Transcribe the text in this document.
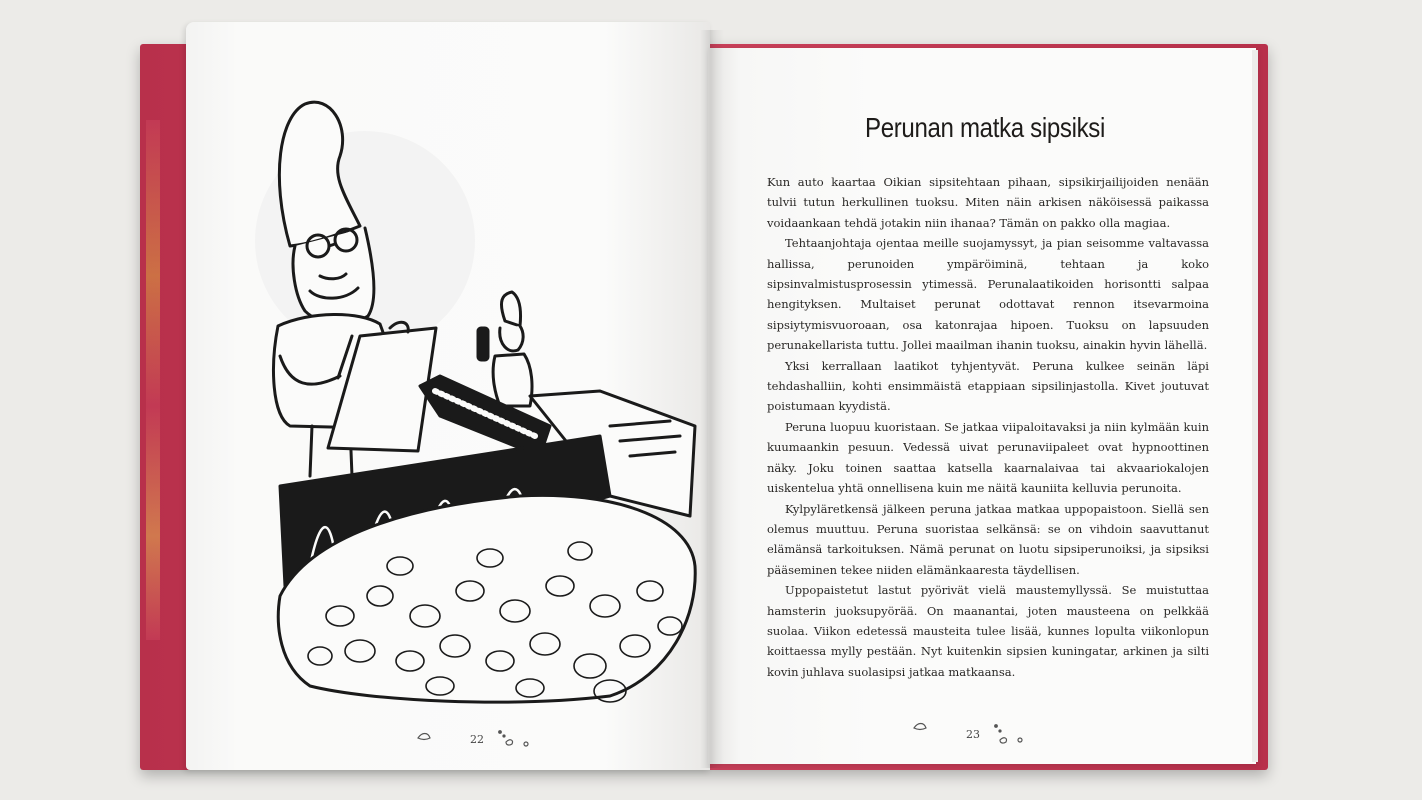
22
Perunan matka sipsiksi

Kun auto kaartaa Oikian sipsitehtaan pihaan, sipsikirjailijoiden nenään tulvii tutun herkullinen tuoksu. Miten näin arkisen näköisessä paikassa voidaankaan tehdä jotakin niin ihanaa? Tämän on pakko olla magiaa.

Tehtaanjohtaja ojentaa meille suojamyssyt, ja pian seisomme valtavassa hallissa, perunoiden ympäröiminä, tehtaan ja koko sipsinvalmistusprosessin ytimessä. Perunalaatikoiden horisontti salpaa hengityksen. Multaiset perunat odottavat rennon itsevarmoina sipsiytymisvuoroaan, osa katonrajaa hipoen. Tuoksu on lapsuuden perunakellarista tuttu. Jollei maailman ihanin tuoksu, ainakin hyvin lähellä.

Yksi kerrallaan laatikot tyhjentyvät. Peruna kulkee seinän läpi tehdashalliin, kohti ensimmäistä etappiaan sipsilinjastolla. Kivet joutuvat poistumaan kyydistä.

Peruna luopuu kuoristaan. Se jatkaa viipaloitavaksi ja niin kylmään kuin kuumaankin pesuun. Vedessä uivat perunaviipaleet ovat hypnoottinen näky. Joku toinen saattaa katsella kaarnalaivaa tai akvaariokalojen uiskentelua yhtä onnellisena kuin me näitä kauniita kelluvia perunoita.

Kylpyläretkensä jälkeen peruna jatkaa matkaa uppopaistoon. Siellä sen olemus muuttuu. Peruna suoristaa selkänsä: se on vihdoin saavuttanut elämänsä tarkoituksen. Nämä perunat on luotu sipsiperunoiksi, ja sipsiksi pääseminen tekee niiden elämänkaaresta täydellisen.

Uppopaistetut lastut pyörivät vielä maustemyllyssä. Se muistuttaa hamsterin juoksupyörää. On maanantai, joten mausteena on pelkkää suolaa. Viikon edetessä mausteita tulee lisää, kunnes lopulta viikonlopun koittaessa mylly pestään. Nyt kuitenkin sipsien kuningatar, arkinen ja silti kovin juhlava suolasipsi jatkaa matkaansa.

23
